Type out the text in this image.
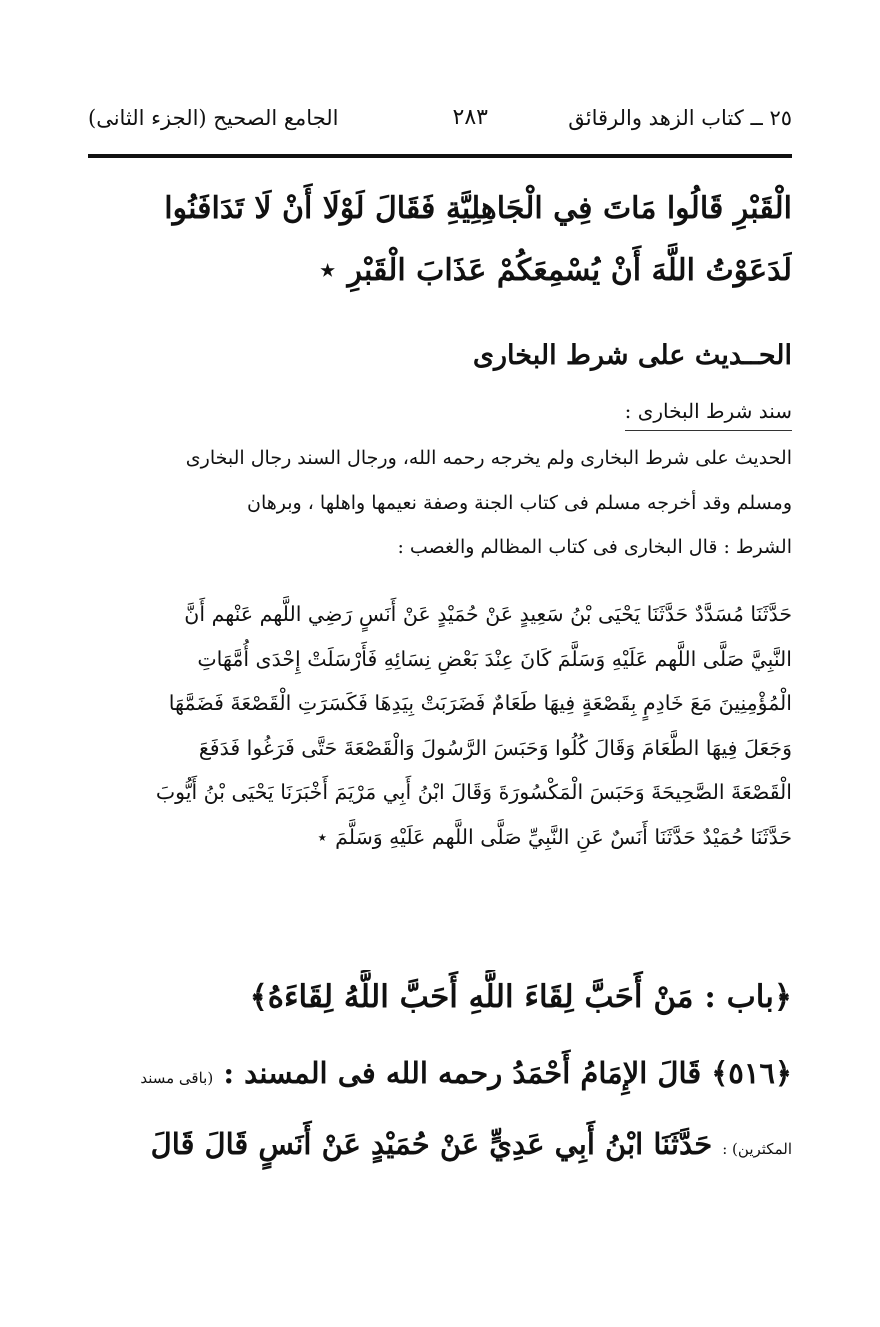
٢٥ ــ كتاب الزهد والرقائق
٢٨٣
الجامع الصحيح (الجزء الثانى)
الْقَبْرِ قَالُوا مَاتَ فِي الْجَاهِلِيَّةِ فَقَالَ لَوْلَا أَنْ لَا تَدَافَنُوا
لَدَعَوْتُ اللَّهَ أَنْ يُسْمِعَكُمْ عَذَابَ الْقَبْرِ ⋆
الحــديث على شرط البخارى
سند شرط البخارى :
الحديث على شرط البخارى ولم يخرجه رحمه الله، ورجال السند رجال البخارى
ومسلم وقد أخرجه مسلم فى كتاب الجنة وصفة نعيمها واهلها ، وبرهان
الشرط : قال البخارى فى كتاب المظالم والغصب :
حَدَّثَنَا مُسَدَّدٌ حَدَّثَنَا يَحْيَى بْنُ سَعِيدٍ عَنْ حُمَيْدٍ عَنْ أَنَسٍ رَضِي اللَّهم عَنْهم أَنَّ
النَّبِيَّ صَلَّى اللَّهم عَلَيْهِ وَسَلَّمَ كَانَ عِنْدَ بَعْضِ نِسَائِهِ فَأَرْسَلَتْ إِحْدَى أُمَّهَاتِ
الْمُؤْمِنِينَ مَعَ خَادِمٍ بِقَصْعَةٍ فِيهَا طَعَامٌ فَضَرَبَتْ بِيَدِهَا فَكَسَرَتِ الْقَصْعَةَ فَضَمَّهَا
وَجَعَلَ فِيهَا الطَّعَامَ وَقَالَ كُلُوا وَحَبَسَ الرَّسُولَ وَالْقَصْعَةَ حَتَّى فَرَغُوا فَدَفَعَ
الْقَصْعَةَ الصَّحِيحَةَ وَحَبَسَ الْمَكْسُورَةَ وَقَالَ ابْنُ أَبِي مَرْيَمَ أَخْبَرَنَا يَحْيَى بْنُ أَيُّوبَ
حَدَّثَنَا حُمَيْدٌ حَدَّثَنَا أَنَسٌ عَنِ النَّبِيِّ صَلَّى اللَّهم عَلَيْهِ وَسَلَّمَ ⋆
﴿باب : مَنْ أَحَبَّ لِقَاءَ اللَّهِ أَحَبَّ اللَّهُ لِقَاءَهُ﴾
﴿٥١٦﴾ قَالَ الإِمَامُ أَحْمَدُ رحمه الله فى المسند : (باقى مسند
المكثرين) : حَدَّثَنَا ابْنُ أَبِي عَدِيٍّ عَنْ حُمَيْدٍ عَنْ أَنَسٍ قَالَ قَالَ
